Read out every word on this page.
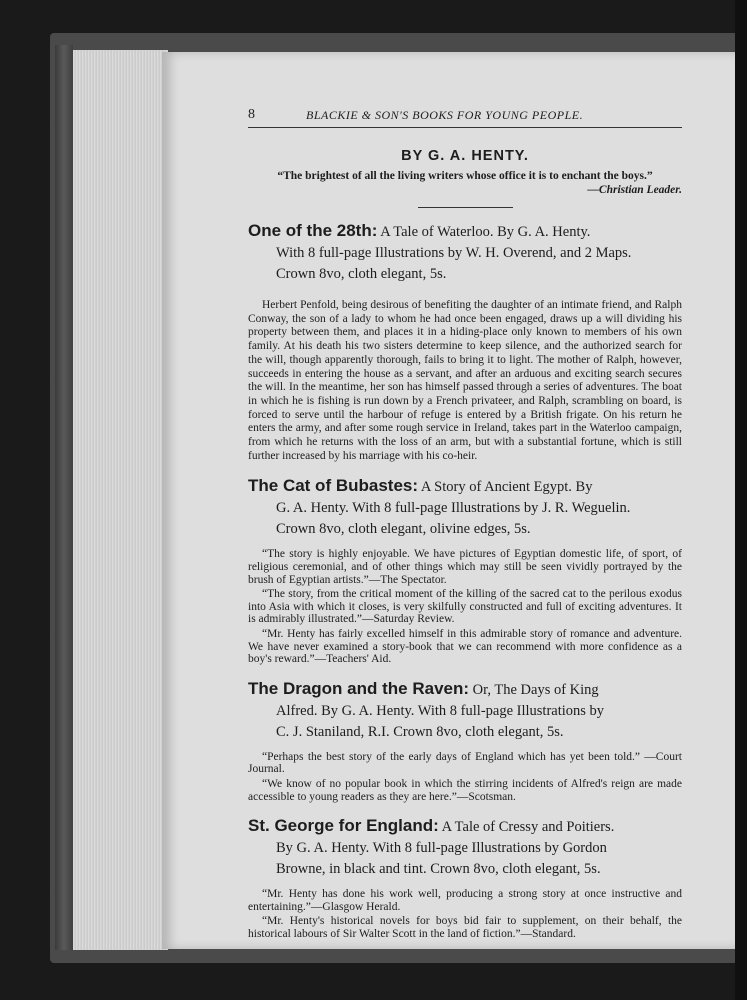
8	BLACKIE & SON'S BOOKS FOR YOUNG PEOPLE.
BY G. A. HENTY.
“The brightest of all the living writers whose office it is to enchant the boys.”
—Christian Leader.

One of the 28th: A Tale of Waterloo. By G. A. Henty.
With 8 full-page Illustrations by W. H. Overend, and 2 Maps.
Crown 8vo, cloth elegant, 5s.

Herbert Penfold, being desirous of benefiting the daughter of an intimate friend, and Ralph Conway, the son of a lady to whom he had once been engaged, draws up a will dividing his property between them, and places it in a hiding-place only known to members of his own family. At his death his two sisters determine to keep silence, and the authorized search for the will, though apparently thorough, fails to bring it to light. The mother of Ralph, however, succeeds in entering the house as a servant, and after an arduous and exciting search secures the will. In the meantime, her son has himself passed through a series of adventures. The boat in which he is fishing is run down by a French privateer, and Ralph, scrambling on board, is forced to serve until the harbour of refuge is entered by a British frigate. On his return he enters the army, and after some rough service in Ireland, takes part in the Waterloo campaign, from which he returns with the loss of an arm, but with a substantial fortune, which is still further increased by his marriage with his co-heir.

The Cat of Bubastes: A Story of Ancient Egypt. By
G. A. Henty. With 8 full-page Illustrations by J. R. Weguelin.
Crown 8vo, cloth elegant, olivine edges, 5s.

“The story is highly enjoyable. We have pictures of Egyptian domestic life, of sport, of religious ceremonial, and of other things which may still be seen vividly portrayed by the brush of Egyptian artists.”—The Spectator.
“The story, from the critical moment of the killing of the sacred cat to the perilous exodus into Asia with which it closes, is very skilfully constructed and full of exciting adventures. It is admirably illustrated.”—Saturday Review.
“Mr. Henty has fairly excelled himself in this admirable story of romance and adventure. We have never examined a story-book that we can recommend with more confidence as a boy's reward.”—Teachers' Aid.

The Dragon and the Raven: Or, The Days of King
Alfred. By G. A. Henty. With 8 full-page Illustrations by
C. J. Staniland, R.I. Crown 8vo, cloth elegant, 5s.

“Perhaps the best story of the early days of England which has yet been told.” —Court Journal.
“We know of no popular book in which the stirring incidents of Alfred's reign are made accessible to young readers as they are here.”—Scotsman.

St. George for England: A Tale of Cressy and Poitiers.
By G. A. Henty. With 8 full-page Illustrations by Gordon
Browne, in black and tint. Crown 8vo, cloth elegant, 5s.

“Mr. Henty has done his work well, producing a strong story at once instructive and entertaining.”—Glasgow Herald.
“Mr. Henty's historical novels for boys bid fair to supplement, on their behalf, the historical labours of Sir Walter Scott in the land of fiction.”—Standard.
